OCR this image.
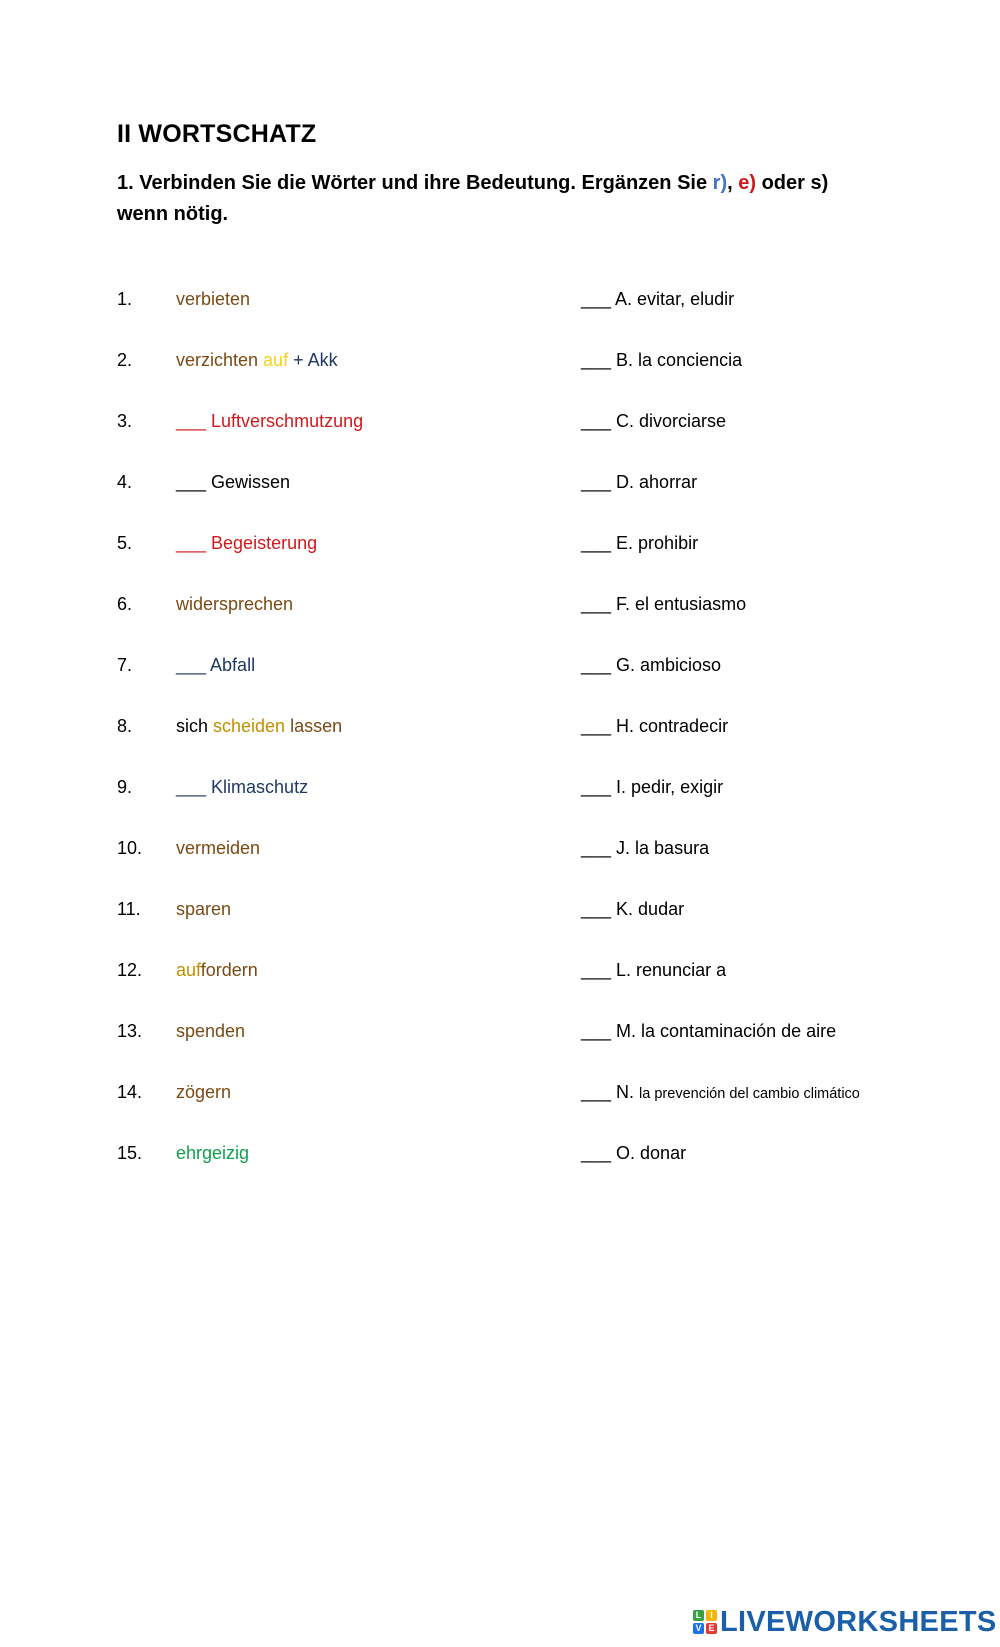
II WORTSCHATZ

1. Verbinden Sie die Wörter und ihre Bedeutung. Ergänzen Sie r), e) oder s)
wenn nötig.

1. verbieten	___ A. evitar, eludir
2. verzichten auf + Akk	___ B. la conciencia
3. ___ Luftverschmutzung	___ C. divorciarse
4. ___ Gewissen	___ D. ahorrar
5. ___ Begeisterung	___ E. prohibir
6. widersprechen	___ F. el entusiasmo
7. ___ Abfall	___ G. ambicioso
8. sich scheiden lassen	___ H. contradecir
9. ___ Klimaschutz	___ I. pedir, exigir
10. vermeiden	___ J. la basura
11. sparen	___ K. dudar
12. auffordern	___ L. renunciar a
13. spenden	___ M. la contaminación de aire
14. zögern	___ N. la prevención del cambio climático
15. ehrgeizig	___ O. donar
L I
V E LIVEWORKSHEETS
